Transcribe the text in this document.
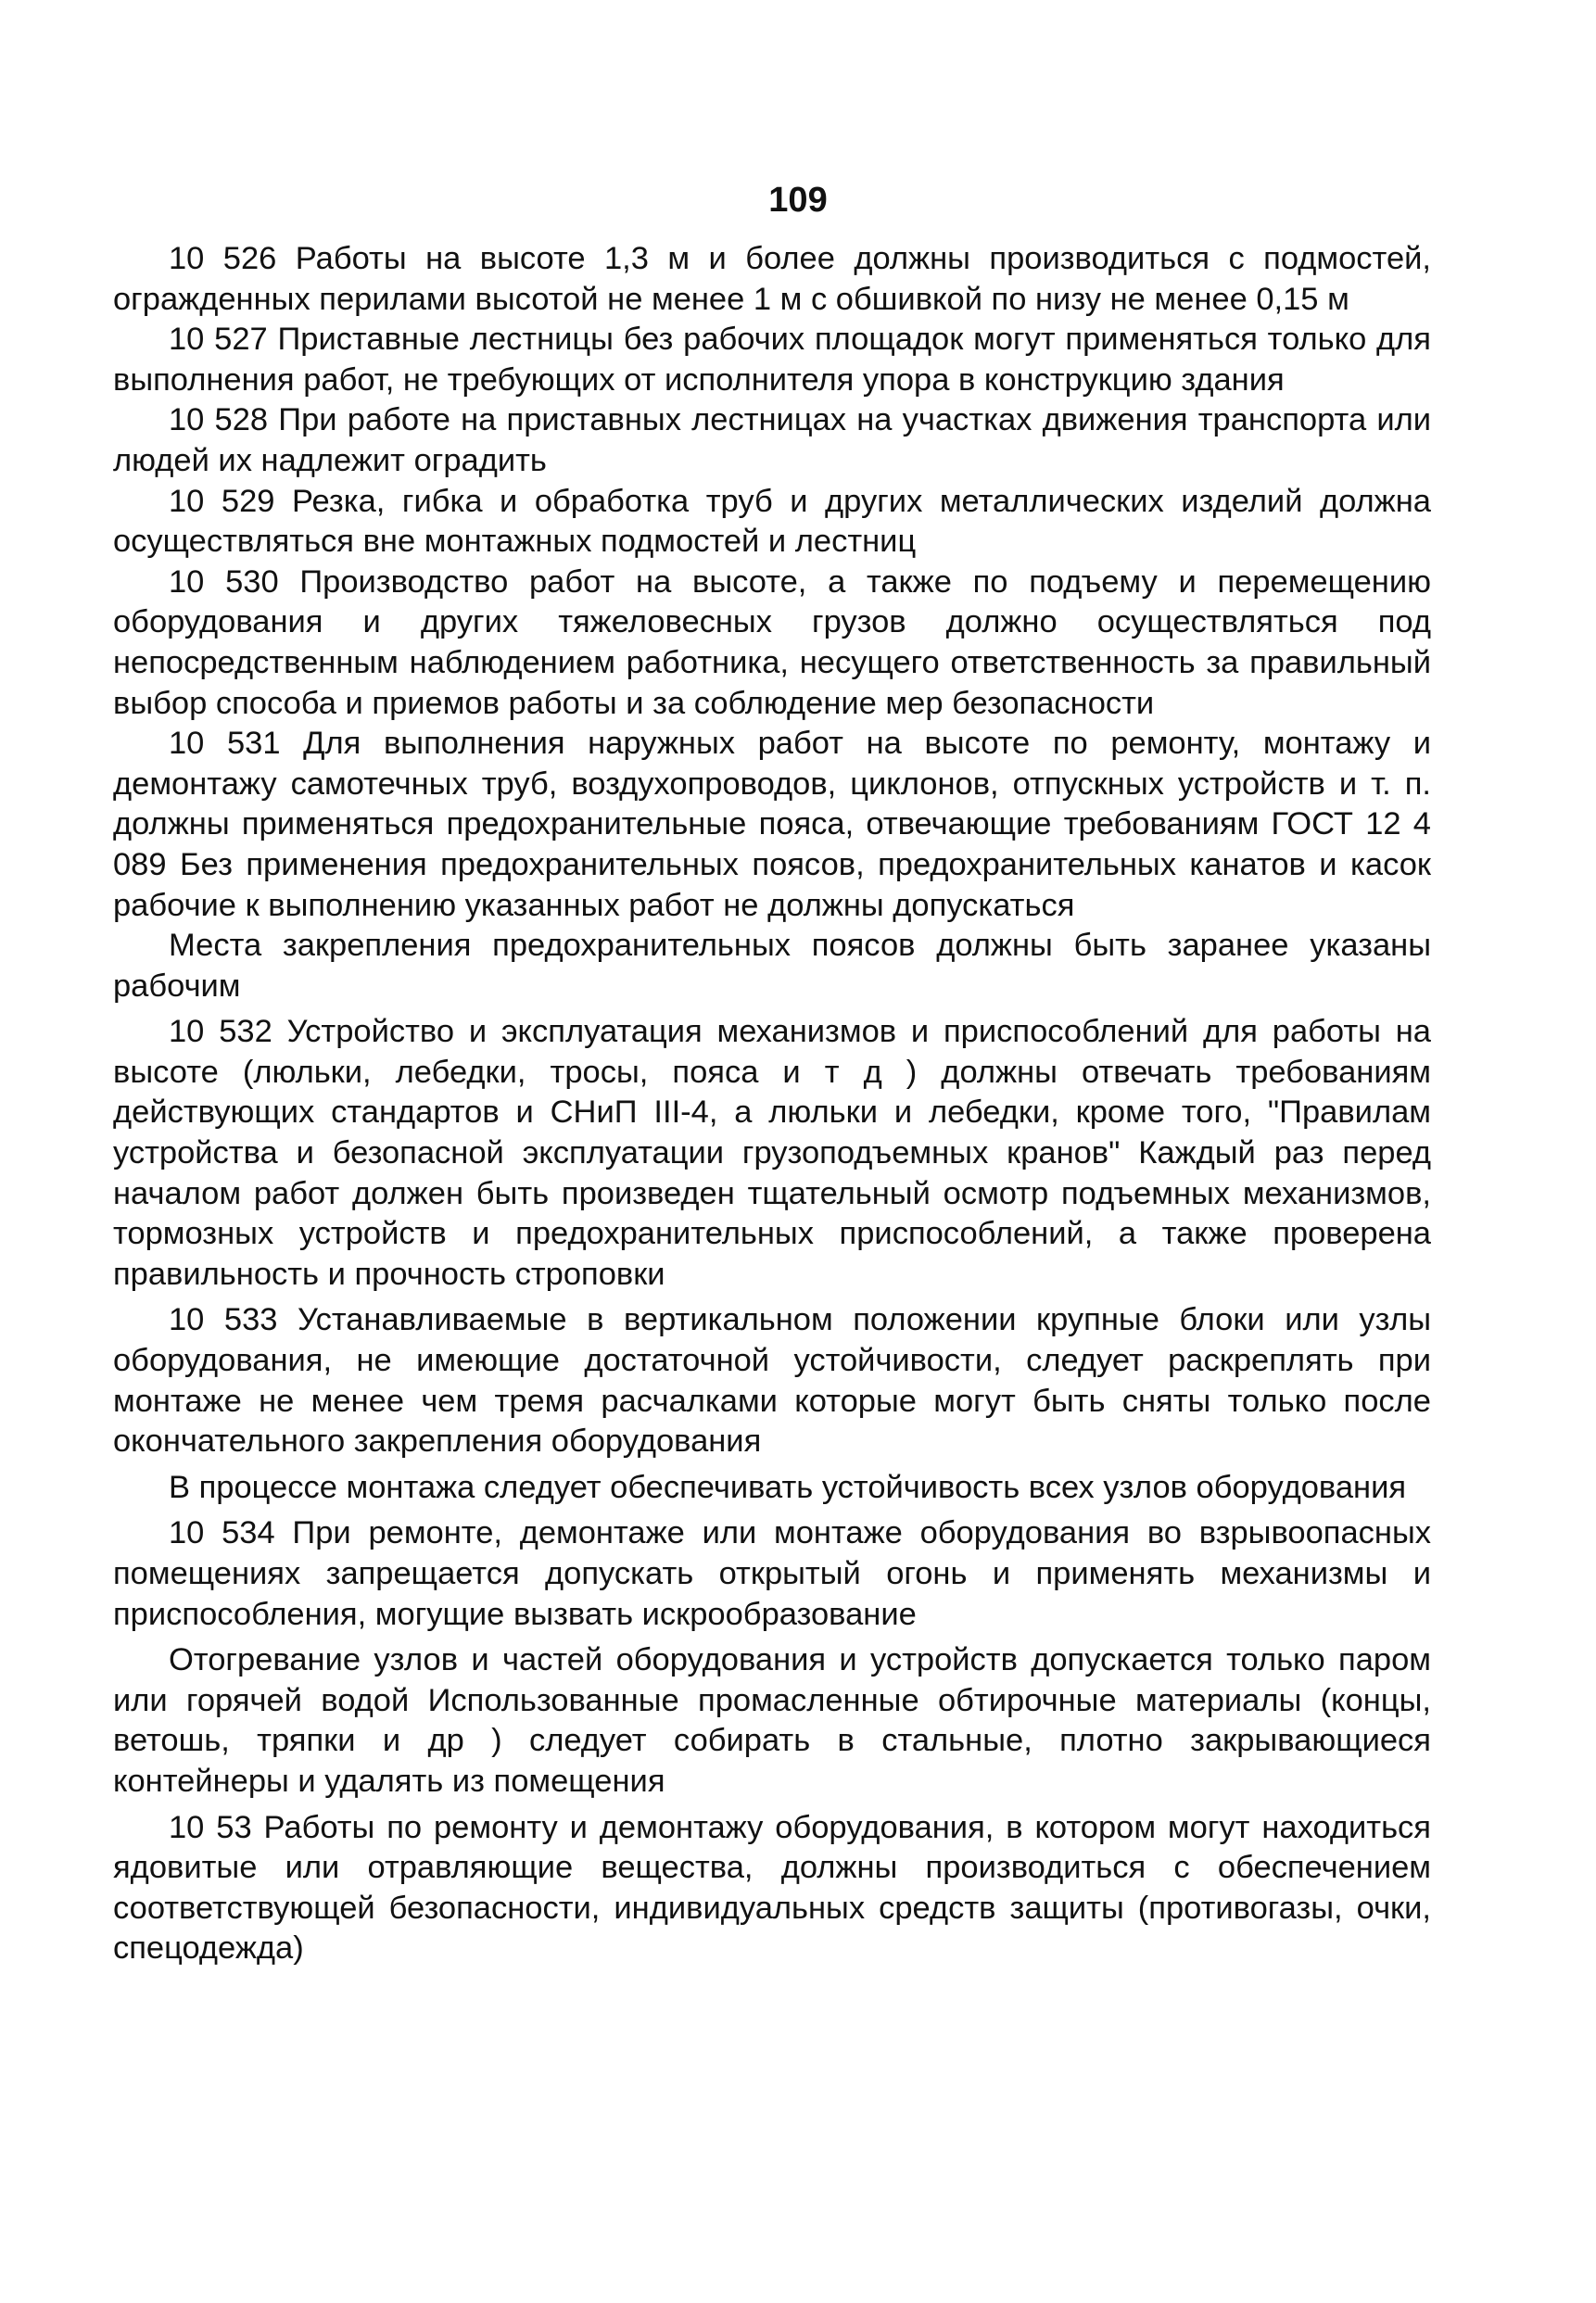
109

10 526 Работы на высоте 1,3 м и более должны производиться с подмостей, огражденных перилами высотой не менее 1 м с обшивкой по низу не менее 0,15 м

10 527 Приставные лестницы без рабочих площадок могут применяться только для выполнения работ, не требующих от исполнителя упора в конструкцию здания

10 528 При работе на приставных лестницах на участках движения транспорта или людей их надлежит оградить

10 529 Резка, гибка и обработка труб и других металлических изделий должна осуществляться вне монтажных подмостей и лестниц

10 530 Производство работ на высоте, а также по подъему и перемещению оборудования и других тяжеловесных грузов должно осуществляться под непосредственным наблюдением работника, несущего ответственность за правильный выбор способа и приемов работы и за соблюдение мер безопасности

10 531 Для выполнения наружных работ на высоте по ремонту, монтажу и демонтажу самотечных труб, воздухопроводов, циклонов, отпускных устройств и т. п. должны применяться предохранительные пояса, отвечающие требованиям ГОСТ 12 4 089 Без применения предохранительных поясов, предохранительных канатов и касок рабочие к выполнению указанных работ не должны допускаться

Места закрепления предохранительных поясов должны быть заранее указаны рабочим

10 532 Устройство и эксплуатация механизмов и приспособлений для работы на высоте (люльки, лебедки, тросы, пояса и т д ) должны отвечать требованиям действующих стандартов и СНиП III-4, а люльки и лебедки, кроме того, "Правилам устройства и безопасной эксплуатации грузоподъемных кранов" Каждый раз перед началом работ должен быть произведен тщательный осмотр подъемных механизмов, тормозных устройств и предохранительных приспособлений, а также проверена правильность и прочность строповки

10 533 Устанавливаемые в вертикальном положении крупные блоки или узлы оборудования, не имеющие достаточной устойчивости, следует раскреплять при монтаже не менее чем тремя расчалками которые могут быть сняты только после окончательного закрепления оборудования

В процессе монтажа следует обеспечивать устойчивость всех узлов оборудования

10 534 При ремонте, демонтаже или монтаже оборудования во взрывоопасных помещениях запрещается допускать открытый огонь и применять механизмы и приспособления, могущие вызвать искрообразование

Отогревание узлов и частей оборудования и устройств допускается только паром или горячей водой Использованные промасленные обтирочные материалы (концы, ветошь, тряпки и др ) следует собирать в стальные, плотно закрывающиеся контейнеры и удалять из помещения

10 53 Работы по ремонту и демонтажу оборудования, в котором могут находиться ядовитые или отравляющие вещества, должны производиться с обеспечением соответствующей безопасности, индивидуальных средств защиты (противогазы, очки, спецодежда)
